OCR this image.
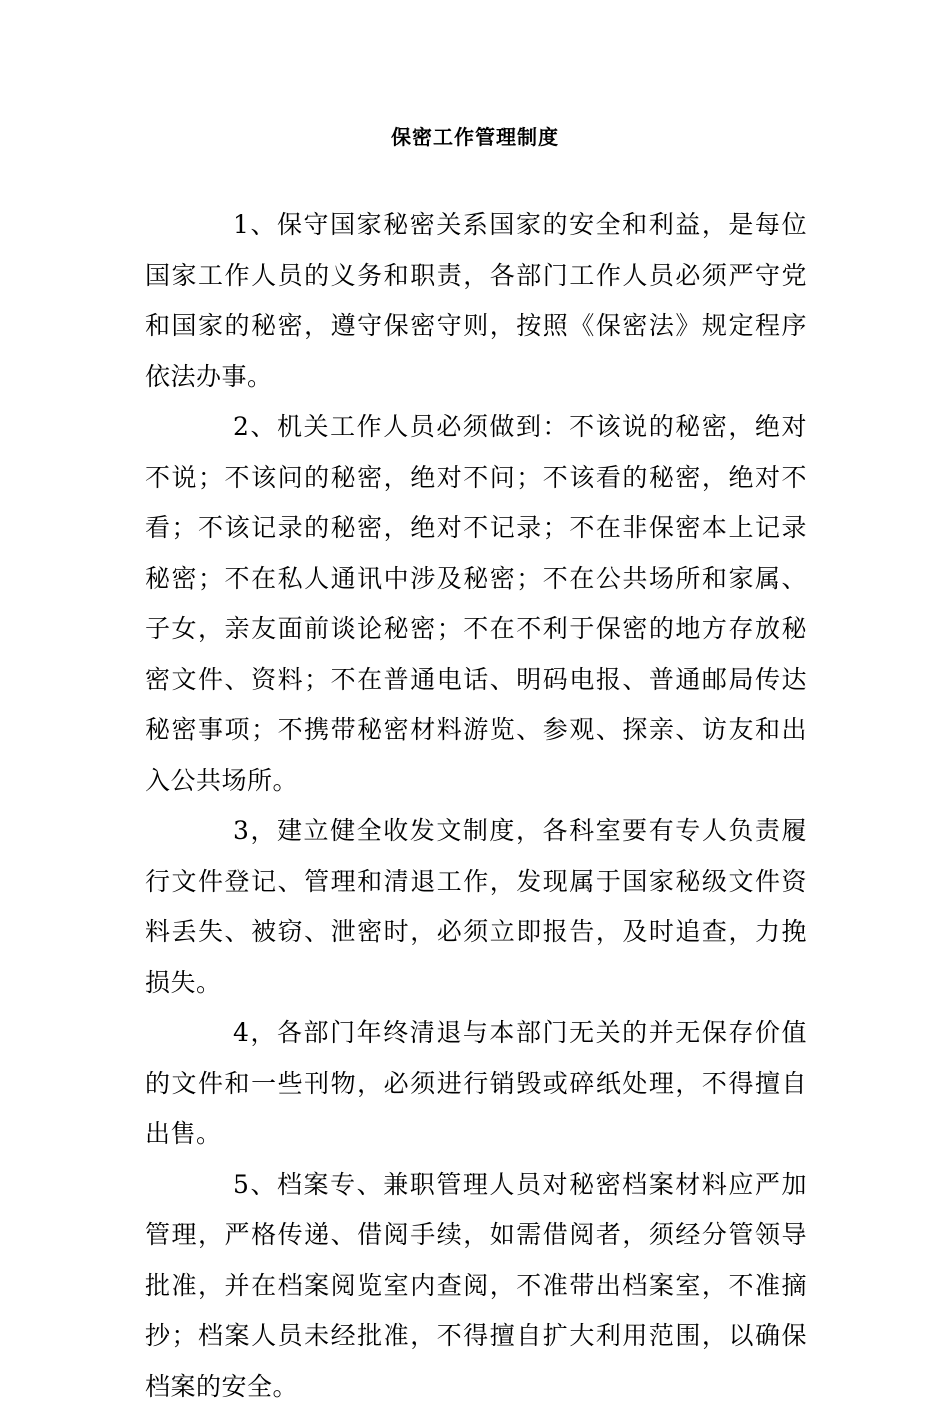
保密工作管理制度

1、保守国家秘密关系国家的安全和利益，是每位国家工作人员的义务和职责，各部门工作人员必须严守党和国家的秘密，遵守保密守则，按照《保密法》规定程序依法办事。

2、机关工作人员必须做到：不该说的秘密，绝对不说；不该问的秘密，绝对不问；不该看的秘密，绝对不看；不该记录的秘密，绝对不记录；不在非保密本上记录秘密；不在私人通讯中涉及秘密；不在公共场所和家属、子女，亲友面前谈论秘密；不在不利于保密的地方存放秘密文件、资料；不在普通电话、明码电报、普通邮局传达秘密事项；不携带秘密材料游览、参观、探亲、访友和出入公共场所。

3，建立健全收发文制度，各科室要有专人负责履行文件登记、管理和清退工作，发现属于国家秘级文件资料丢失、被窃、泄密时，必须立即报告，及时追查，力挽损失。

4，各部门年终清退与本部门无关的并无保存价值的文件和一些刊物，必须进行销毁或碎纸处理，不得擅自出售。

5、档案专、兼职管理人员对秘密档案材料应严加管理，严格传递、借阅手续，如需借阅者，须经分管领导批准，并在档案阅览室内查阅，不准带出档案室，不准摘抄；档案人员未经批准，不得擅自扩大利用范围，以确保档案的安全。
